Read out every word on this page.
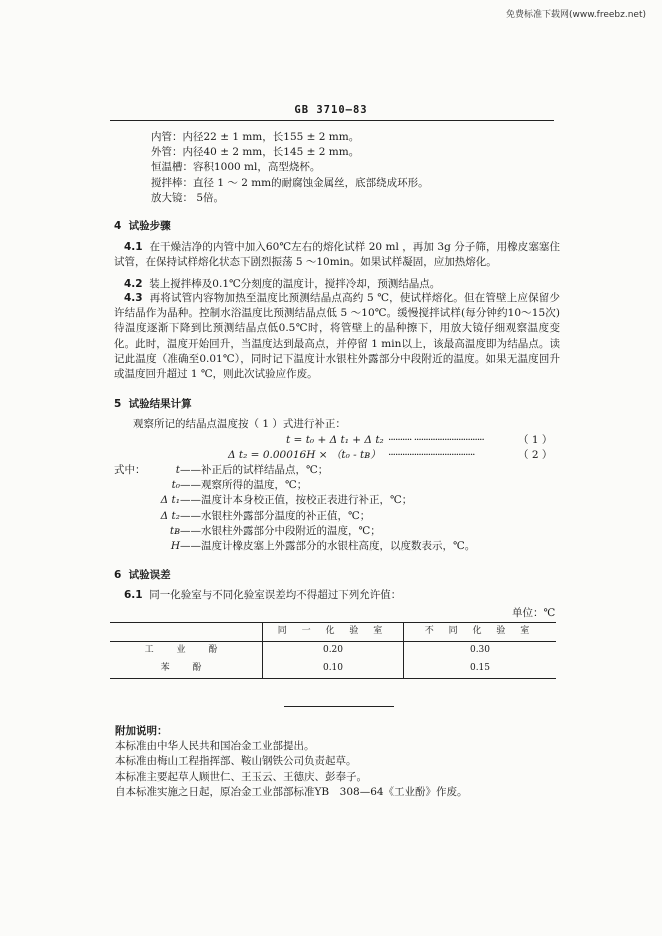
免费标准下载网(www.freebz.net)
GB 3710—83
内管：内径22 ± 1 mm，长155 ± 2 mm。
外管：内径40 ± 2 mm，长145 ± 2 mm。
恒温槽：容积1000 ml，高型烧杯。
搅拌棒：直径 1 ～ 2 mm的耐腐蚀金属丝，底部绕成环形。
放大镜： 5倍。
4 试验步骤
4.1 在干燥洁净的内管中加入60℃左右的熔化试样 20 ml ，再加 3g 分子筛，用橡皮塞塞住试管，在保持试样熔化状态下剧烈振荡 5 ～10min。如果试样凝固，应加热熔化。
4.2 装上搅拌棒及0.1℃分刻度的温度计，搅拌冷却，预测结晶点。
4.3 再将试管内容物加热至温度比预测结晶点高约 5 ℃，使试样熔化。但在管壁上应保留少许结晶作为晶种。控制水浴温度比预测结晶点低 5 ～10℃。缓慢搅拌试样(每分钟约10～15次)待温度逐渐下降到比预测结晶点低0.5℃时，将管壁上的晶种擦下，用放大镜仔细观察温度变化。此时，温度开始回升，当温度达到最高点，并停留 1 min以上，该最高温度即为结晶点。读记此温度（准确至0.01℃），同时记下温度计水银柱外露部分中段附近的温度。如果无温度回升或温度回升超过 1 ℃，则此次试验应作废。
5 试验结果计算
观察所记的结晶点温度按（ 1 ）式进行补正：
t = t₀ + Δ t₁ + Δ t₂ ·········· ······························	（ 1 ）
Δ t₂ = 0.00016H × （t₀ - tʙ） ·····································	（ 2 ）
式中：	t——补正后的试样结晶点，℃；
t₀——观察所得的温度，℃；
Δ t₁——温度计本身校正值，按校正表进行补正，℃；
Δ t₂——水银柱外露部分温度的补正值，℃；
tʙ——水银柱外露部分中段附近的温度，℃；
H——温度计橡皮塞上外露部分的水银柱高度，以度数表示，℃。
6 试验误差
6.1 同一化验室与不同化验室误差均不得超过下列允许值：
单位：℃
	同 一 化 验 室	不 同 化 验 室
工 业 酚	0.20	0.30
苯 酚	0.10	0.15
附加说明：
本标准由中华人民共和国冶金工业部提出。
本标准由梅山工程指挥部、鞍山钢铁公司负责起草。
本标准主要起草人顾世仁、王玉云、王德庆、彭奉子。
自本标准实施之日起，原冶金工业部部标准YB　308—64《工业酚》作废。
